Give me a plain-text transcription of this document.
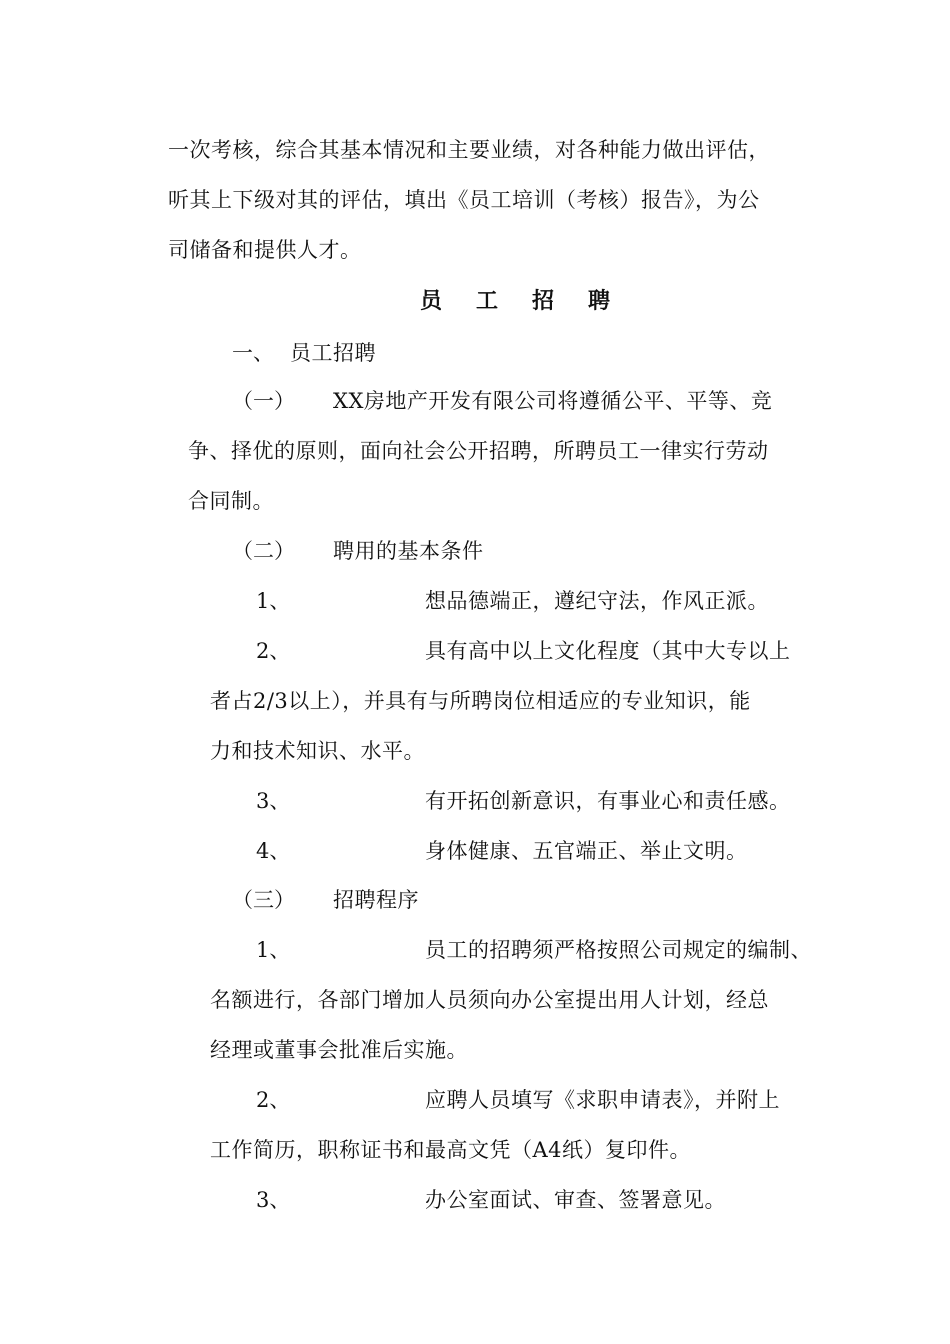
一次考核，综合其基本情况和主要业绩，对各种能力做出评估，
听其上下级对其的评估，填出《员工培训（考核）报告》，为公
司储备和提供人才。
员工招聘
一、 员工招聘
（一） XX房地产开发有限公司将遵循公平、平等、竞
争、择优的原则，面向社会公开招聘，所聘员工一律实行劳动
合同制。
（二） 聘用的基本条件
1、	想品德端正，遵纪守法，作风正派。
2、	具有高中以上文化程度（其中大专以上
者占2/3以上），并具有与所聘岗位相适应的专业知识，能
力和技术知识、水平。
3、	有开拓创新意识，有事业心和责任感。
4、	身体健康、五官端正、举止文明。
（三） 招聘程序
1、	员工的招聘须严格按照公司规定的编制、
名额进行，各部门增加人员须向办公室提出用人计划，经总
经理或董事会批准后实施。
2、	应聘人员填写《求职申请表》，并附上
工作简历，职称证书和最高文凭（A4纸）复印件。
3、	办公室面试、审查、签署意见。
